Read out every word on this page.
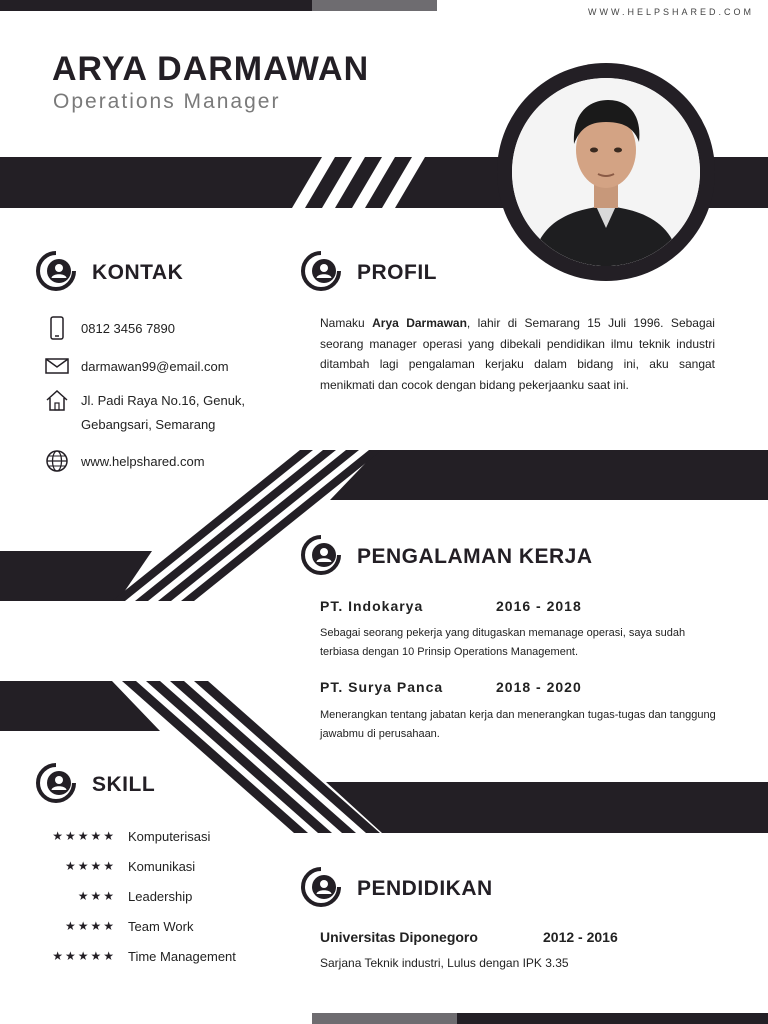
WWW.HELPSHARED.COM
ARYA DARMAWAN
Operations Manager
KONTAK
0812 3456 7890
darmawan99@email.com
Jl. Padi Raya No.16, Genuk,
Gebangsari, Semarang
www.helpshared.com
PROFIL
Namaku Arya Darmawan, lahir di Semarang 15 Juli 1996. Sebagai seorang manager operasi yang dibekali pendidikan ilmu teknik industri ditambah lagi pengalaman kerjaku dalam bidang ini, aku sangat menikmati dan cocok dengan bidang pekerjaanku saat ini.
PENGALAMAN KERJA
PT. Indokarya	2016 - 2018
Sebagai seorang pekerja yang ditugaskan memanage operasi, saya sudah terbiasa dengan 10 Prinsip Operations Management.
PT. Surya Panca	2018 - 2020
Menerangkan tentang jabatan kerja dan menerangkan tugas-tugas dan tanggung jawabmu di perusahaan.
SKILL
★★★★★ Komputerisasi
★★★★ Komunikasi
★★★ Leadership
★★★★ Team Work
★★★★★ Time Management
PENDIDIKAN
Universitas Diponegoro	2012 - 2016
Sarjana Teknik industri, Lulus dengan IPK 3.35
